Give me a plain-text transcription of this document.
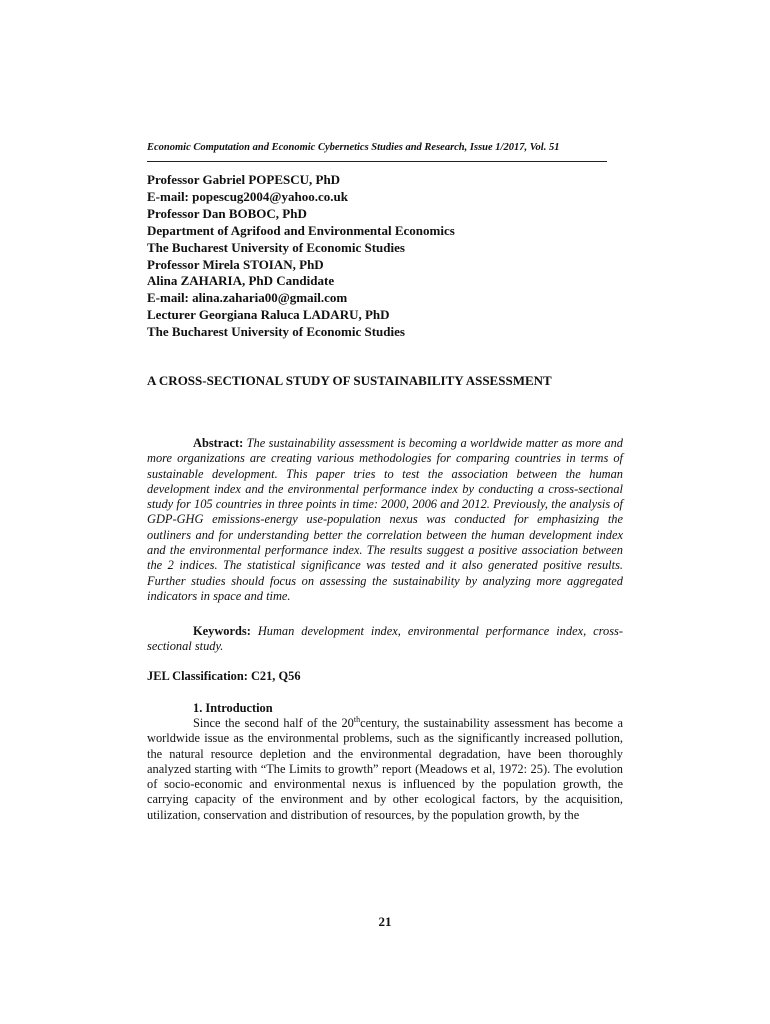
Economic Computation and Economic Cybernetics Studies and Research, Issue 1/2017, Vol. 51
Professor Gabriel POPESCU, PhD
E-mail: popescug2004@yahoo.co.uk
Professor Dan BOBOC, PhD
Department of Agrifood and Environmental Economics
The Bucharest University of Economic Studies
Professor Mirela STOIAN, PhD
Alina ZAHARIA, PhD Candidate
E-mail: alina.zaharia00@gmail.com
Lecturer Georgiana Raluca LADARU, PhD
The Bucharest University of Economic Studies
A CROSS-SECTIONAL STUDY OF SUSTAINABILITY ASSESSMENT
Abstract: The sustainability assessment is becoming a worldwide matter as more and more organizations are creating various methodologies for comparing countries in terms of sustainable development. This paper tries to test the association between the human development index and the environmental performance index by conducting a cross-sectional study for 105 countries in three points in time: 2000, 2006 and 2012. Previously, the analysis of GDP-GHG emissions-energy use-population nexus was conducted for emphasizing the outliners and for understanding better the correlation between the human development index and the environmental performance index. The results suggest a positive association between the 2 indices. The statistical significance was tested and it also generated positive results. Further studies should focus on assessing the sustainability by analyzing more aggregated indicators in space and time.
Keywords: Human development index, environmental performance index, cross-sectional study.
JEL Classification: C21, Q56
1. Introduction
Since the second half of the 20thcentury, the sustainability assessment has become a worldwide issue as the environmental problems, such as the significantly increased pollution, the natural resource depletion and the environmental degradation, have been thoroughly analyzed starting with “The Limits to growth” report (Meadows et al, 1972: 25). The evolution of socio-economic and environmental nexus is influenced by the population growth, the carrying capacity of the environment and by other ecological factors, by the acquisition, utilization, conservation and distribution of resources, by the population growth, by the
21
